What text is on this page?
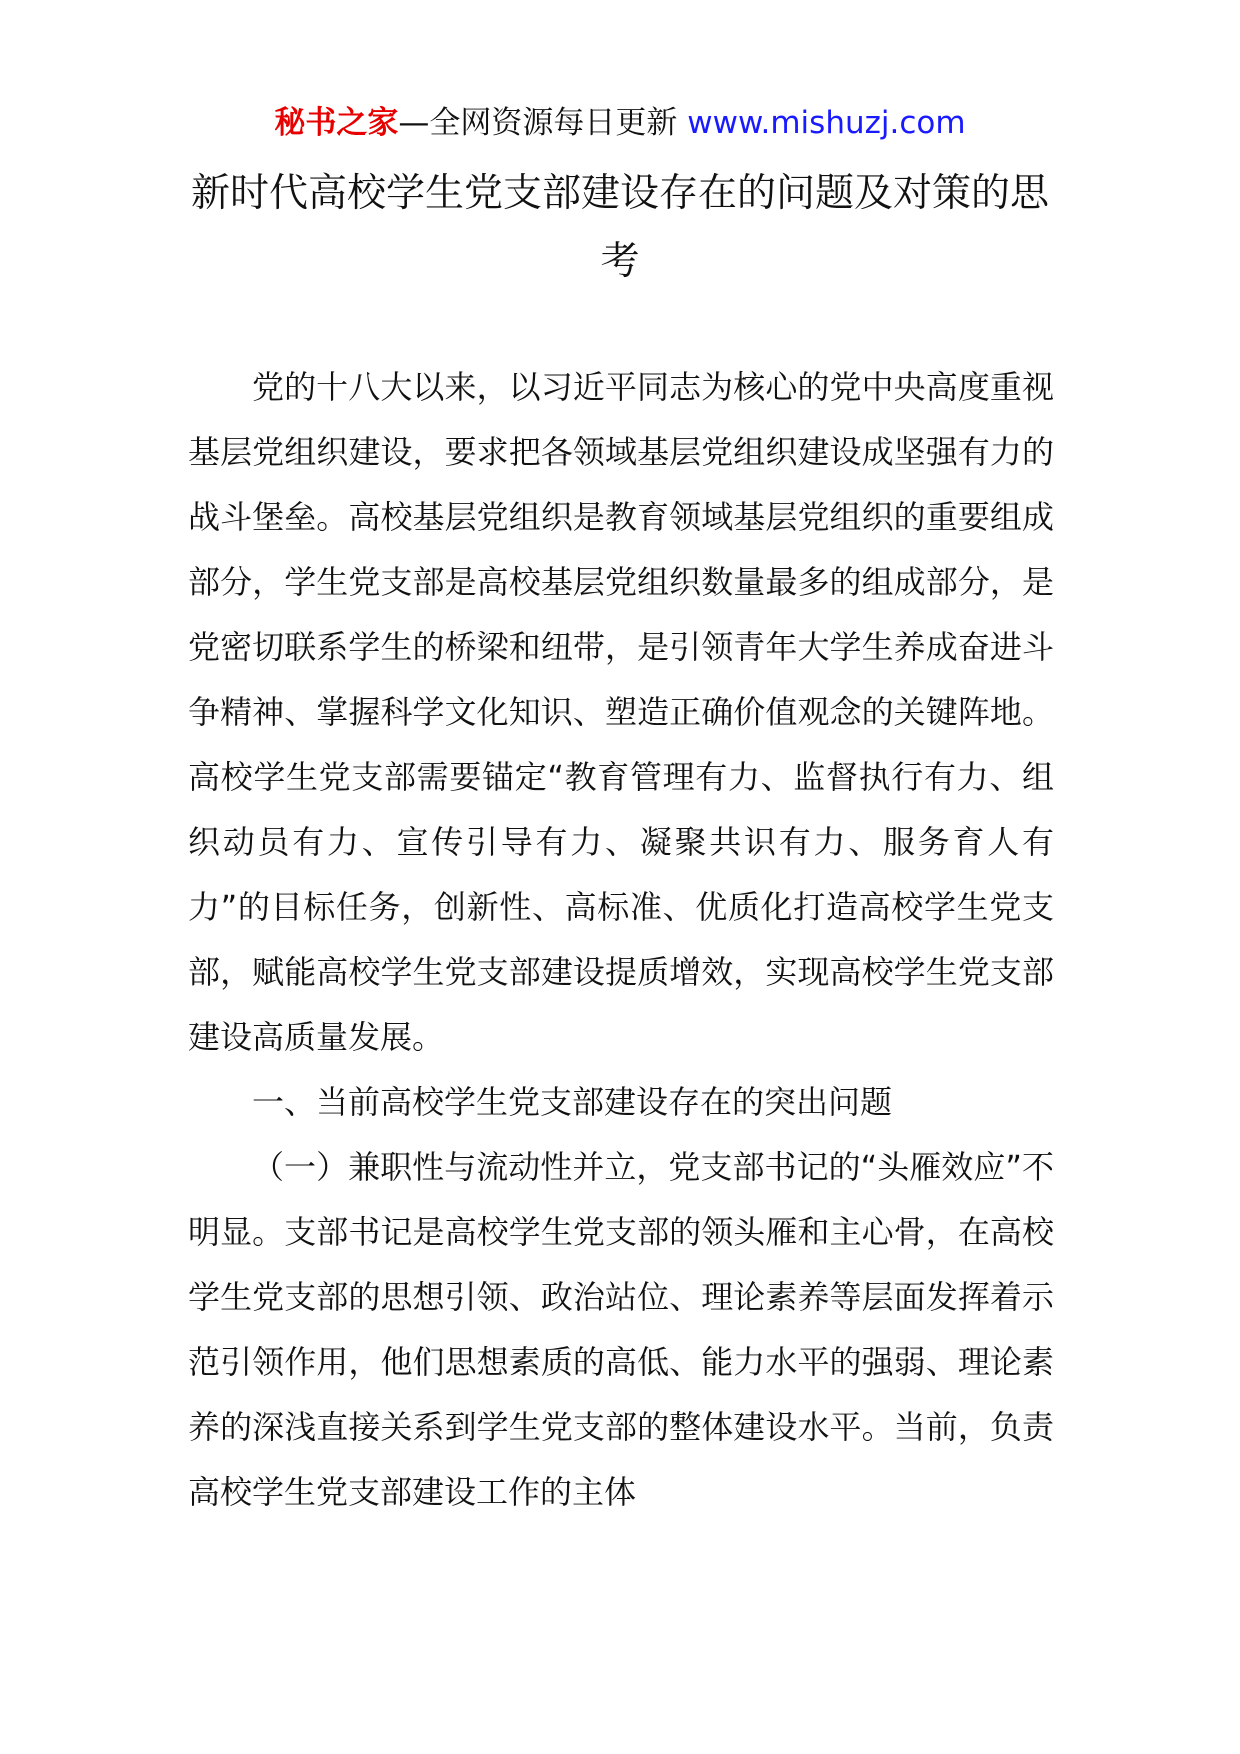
秘书之家—全网资源每日更新 www.mishuzj.com
新时代高校学生党支部建设存在的问题及对策的思考

党的十八大以来，以习近平同志为核心的党中央高度重视基层党组织建设，要求把各领域基层党组织建设成坚强有力的战斗堡垒。高校基层党组织是教育领域基层党组织的重要组成部分，学生党支部是高校基层党组织数量最多的组成部分，是党密切联系学生的桥梁和纽带，是引领青年大学生养成奋进斗争精神、掌握科学文化知识、塑造正确价值观念的关键阵地。高校学生党支部需要锚定“教育管理有力、监督执行有力、组织动员有力、宣传引导有力、凝聚共识有力、服务育人有力”的目标任务，创新性、高标准、优质化打造高校学生党支部，赋能高校学生党支部建设提质增效，实现高校学生党支部建设高质量发展。

一、当前高校学生党支部建设存在的突出问题

（一）兼职性与流动性并立，党支部书记的“头雁效应”不明显。支部书记是高校学生党支部的领头雁和主心骨，在高校学生党支部的思想引领、政治站位、理论素养等层面发挥着示范引领作用，他们思想素质的高低、能力水平的强弱、理论素养的深浅直接关系到学生党支部的整体建设水平。当前，负责高校学生党支部建设工作的主体
